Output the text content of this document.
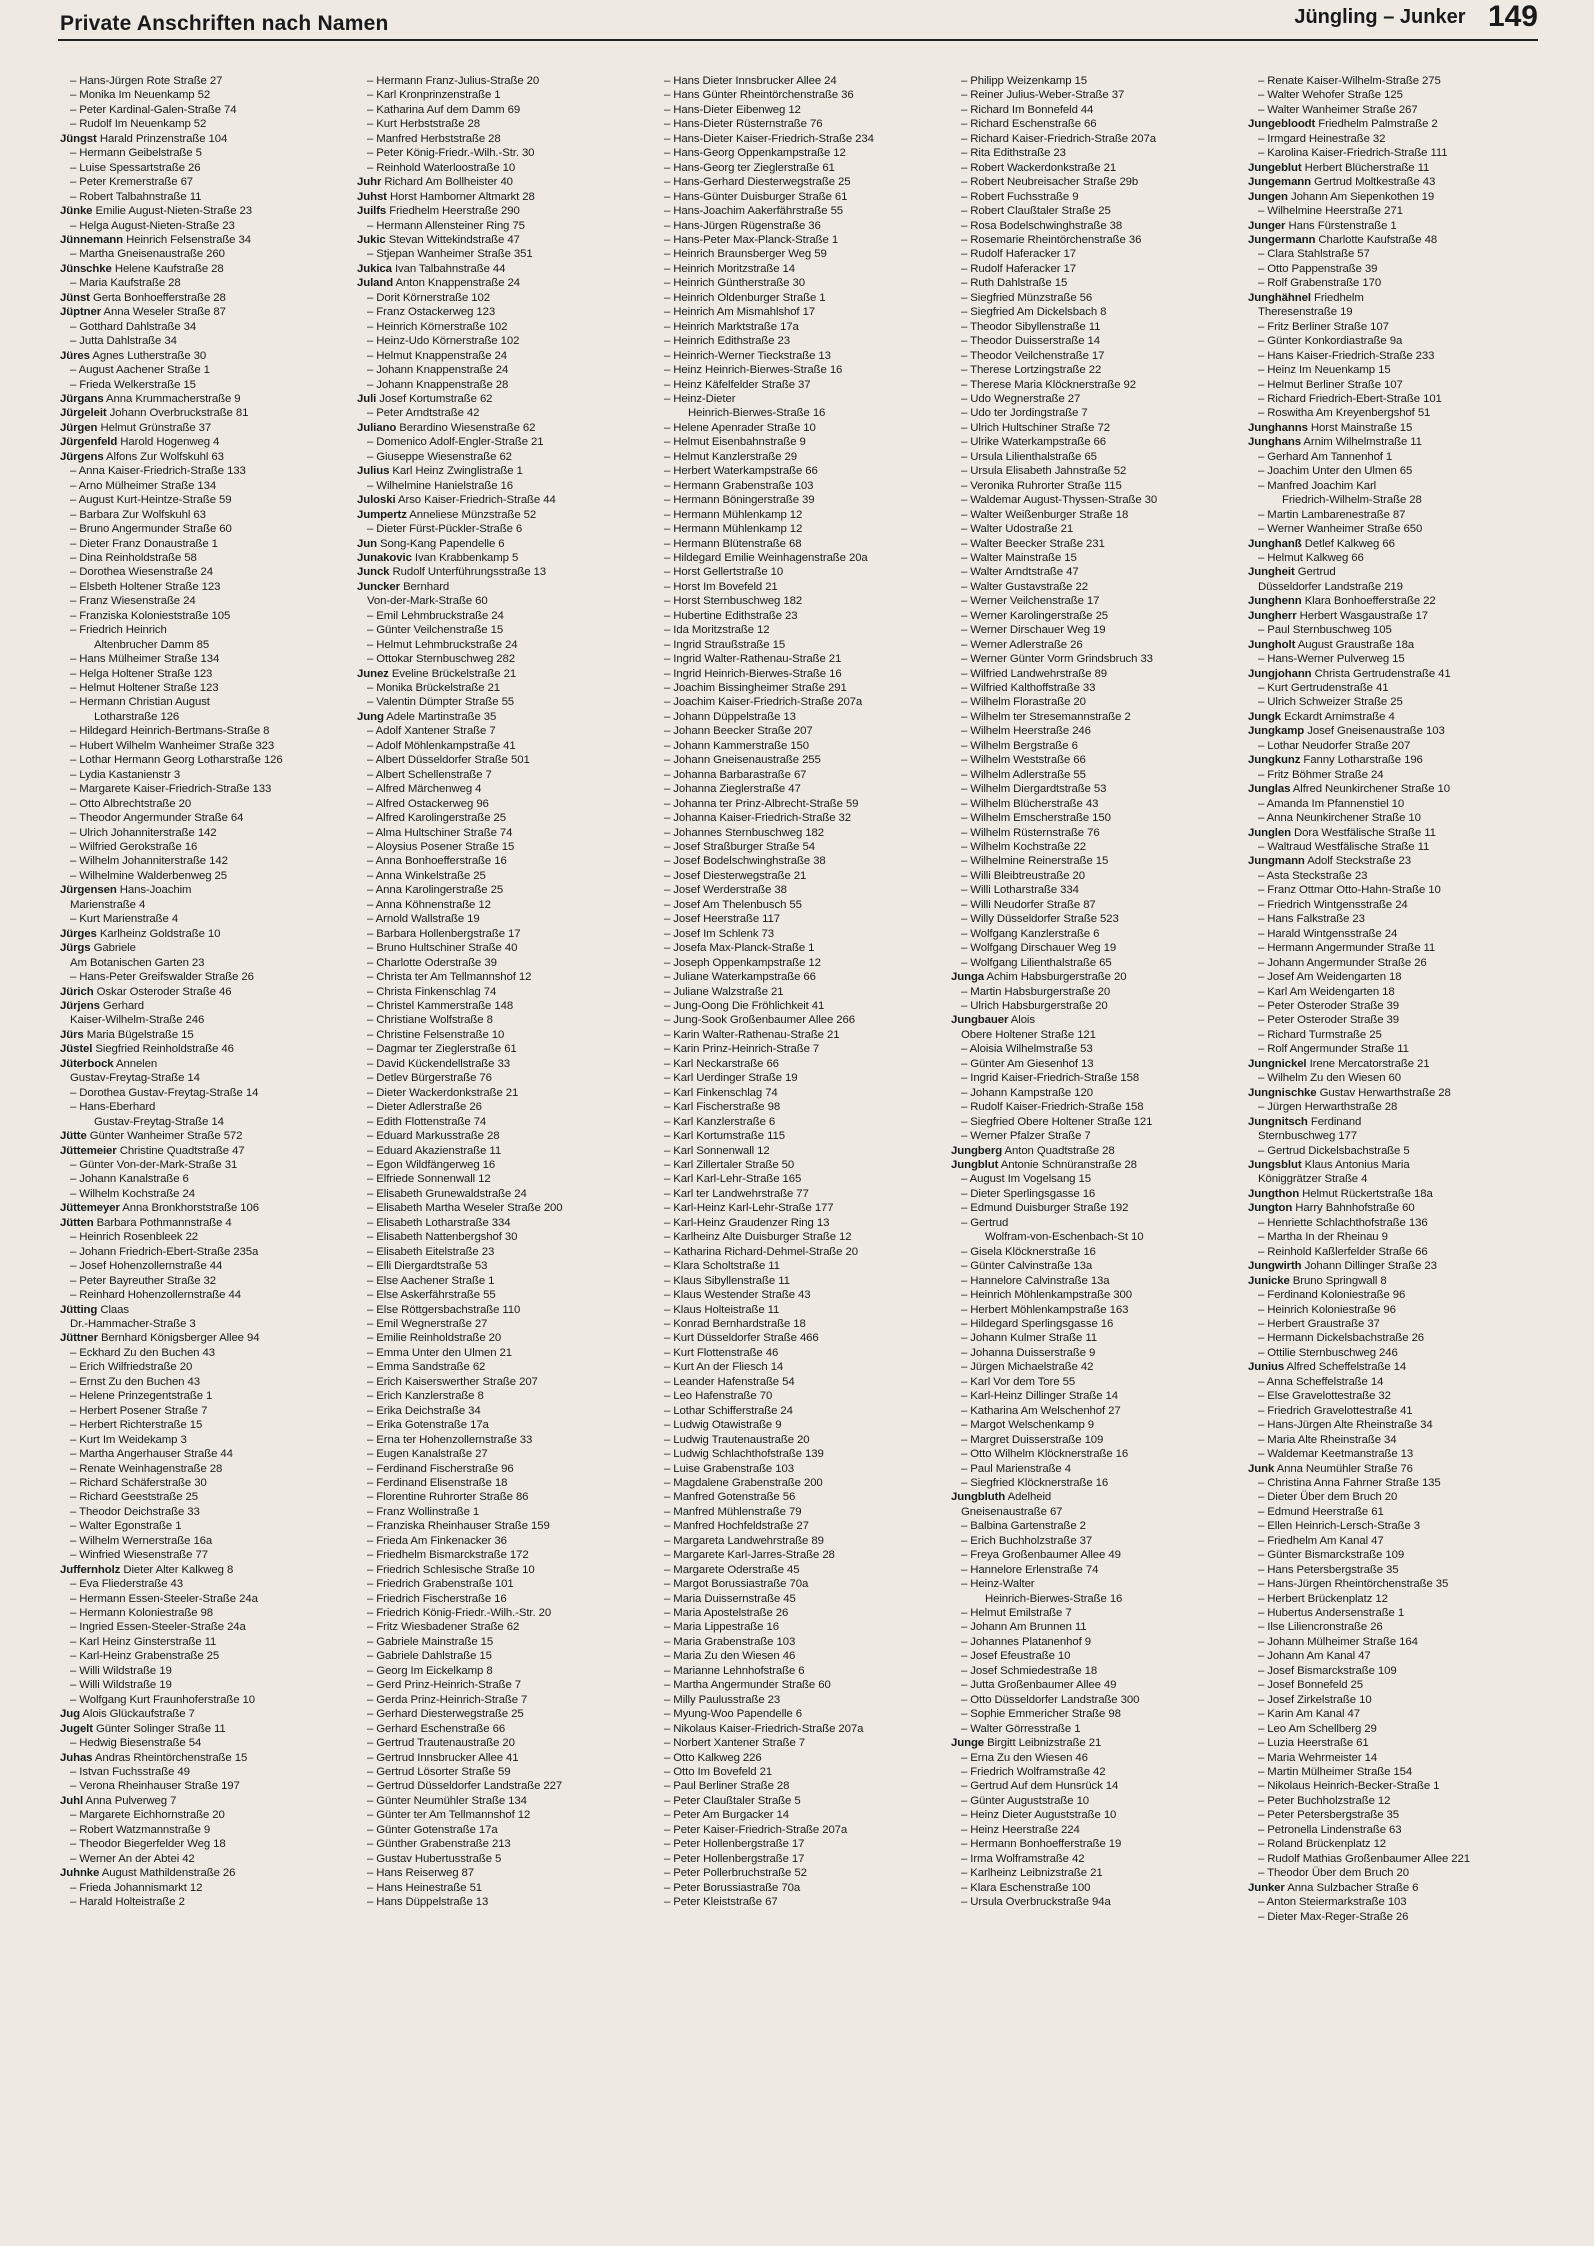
Private Anschriften nach Namen	Jüngling – Junker 149
– Hans-Jürgen Rote Straße 27
– Monika Im Neuenkamp 52
– Peter Kardinal-Galen-Straße 74
– Rudolf Im Neuenkamp 52
Jüngst Harald Prinzenstraße 104
– Hermann Geibelstraße 5
– Luise Spessartstraße 26
– Peter Kremerstraße 67
– Robert Talbahnstraße 11
Jünke Emilie August-Nieten-Straße 23
– Helga August-Nieten-Straße 23
Jünnemann Heinrich Felsenstraße 34
– Martha Gneisenaustraße 260
Jünschke Helene Kaufstraße 28
– Maria Kaufstraße 28
Jünst Gerta Bonhoefferstraße 28
Jüptner Anna Weseler Straße 87
– Gotthard Dahlstraße 34
– Jutta Dahlstraße 34
Jüres Agnes Lutherstraße 30
– August Aachener Straße 1
– Frieda Welkerstraße 15
Jürgans Anna Krummacherstraße 9
Jürgeleit Johann Overbruckstraße 81
Jürgen Helmut Grünstraße 37
Jürgenfeld Harold Hogenweg 4
Jürgens Alfons Zur Wolfskuhl 63
– Anna Kaiser-Friedrich-Straße 133
– Arno Mülheimer Straße 134
– August Kurt-Heintze-Straße 59
– Barbara Zur Wolfskuhl 63
– Bruno Angermunder Straße 60
– Dieter Franz Donaustraße 1
– Dina Reinholdstraße 58
– Dorothea Wiesenstraße 24
– Elsbeth Holtener Straße 123
– Franz Wiesenstraße 24
– Franziska Kolonieststraße 105
– Friedrich Heinrich
Altenbrucher Damm 85
– Hans Mülheimer Straße 134
– Helga Holtener Straße 123
– Helmut Holtener Straße 123
– Hermann Christian August
Lotharstraße 126
– Hildegard Heinrich-Bertmans-Straße 8
– Hubert Wilhelm Wanheimer Straße 323
– Lothar Hermann Georg Lotharstraße 126
– Lydia Kastanienstr 3
– Margarete Kaiser-Friedrich-Straße 133
– Otto Albrechtstraße 20
– Theodor Angermunder Straße 64
– Ulrich Johanniterstraße 142
– Wilfried Gerokstraße 16
– Wilhelm Johanniterstraße 142
– Wilhelmine Walderbenweg 25
Jürgensen Hans-Joachim
Marienstraße 4
– Kurt Marienstraße 4
Jürges Karlheinz Goldstraße 10
Jürgs Gabriele
Am Botanischen Garten 23
– Hans-Peter Greifswalder Straße 26
Jürich Oskar Osteroder Straße 46
Jürjens Gerhard
Kaiser-Wilhelm-Straße 246
Jürs Maria Bügelstraße 15
Jüstel Siegfried Reinholdstraße 46
Jüterbock Annelen
Gustav-Freytag-Straße 14
– Dorothea Gustav-Freytag-Straße 14
– Hans-Eberhard
Gustav-Freytag-Straße 14
Jütte Günter Wanheimer Straße 572
Jüttemeier Christine Quadtstraße 47
– Günter Von-der-Mark-Straße 31
– Johann Kanalstraße 6
– Wilhelm Kochstraße 24
Jüttemeyer Anna Bronkhorststraße 106
Jütten Barbara Pothmannstraße 4
– Heinrich Rosenbleek 22
– Johann Friedrich-Ebert-Straße 235a
– Josef Hohenzollernstraße 44
– Peter Bayreuther Straße 32
– Reinhard Hohenzollernstraße 44
Jütting Claas
Dr.-Hammacher-Straße 3
Jüttner Bernhard Königsberger Allee 94
– Eckhard Zu den Buchen 43
– Erich Wilfriedstraße 20
– Ernst Zu den Buchen 43
– Helene Prinzegentstraße 1
– Herbert Posener Straße 7
– Herbert Richterstraße 15
– Kurt Im Weidekamp 3
– Martha Angerhauser Straße 44
– Renate Weinhagenstraße 28
– Richard Schäferstraße 30
– Richard Geeststraße 25
– Theodor Deichstraße 33
– Walter Egonstraße 1
– Wilhelm Wernerstraße 16a
– Winfried Wiesenstraße 77
Juffernholz Dieter Alter Kalkweg 8
– Eva Fliederstraße 43
– Hermann Essen-Steeler-Straße 24a
– Hermann Koloniestraße 98
– Ingried Essen-Steeler-Straße 24a
– Karl Heinz Ginsterstraße 11
– Karl-Heinz Grabenstraße 25
– Willi Wildstraße 19
– Willi Wildstraße 19
– Wolfgang Kurt Fraunhoferstraße 10
Jug Alois Glückaufstraße 7
Jugelt Günter Solinger Straße 11
– Hedwig Biesenstraße 54
Juhas Andras Rheintörchenstraße 15
– Istvan Fuchsstraße 49
– Verona Rheinhauser Straße 197
Juhl Anna Pulverweg 7
– Margarete Eichhornstraße 20
– Robert Watzmannstraße 9
– Theodor Biegerfelder Weg 18
– Werner An der Abtei 42
Juhnke August Mathildenstraße 26
– Frieda Johannismarkt 12
– Harald Holteistraße 2
– Hermann Franz-Julius-Straße 20
– Karl Kronprinzenstraße 1
– Katharina Auf dem Damm 69
– Kurt Herbststraße 28
– Manfred Herbststraße 28
– Peter König-Friedr.-Wilh.-Str. 30
– Reinhold Waterloostraße 10
Juhr Richard Am Bollheister 40
Juhst Horst Hamborner Altmarkt 28
Juilfs Friedhelm Heerstraße 290
– Hermann Allensteiner Ring 75
Jukic Stevan Wittekindstraße 47
– Stjepan Wanheimer Straße 351
Jukica Ivan Talbahnstraße 44
Juland Anton Knappenstraße 24
– Dorit Körnerstraße 102
– Franz Ostackerweg 123
– Heinrich Körnerstraße 102
– Heinz-Udo Körnerstraße 102
– Helmut Knappenstraße 24
– Johann Knappenstraße 24
– Johann Knappenstraße 28
Juli Josef Kortumstraße 62
– Peter Arndtstraße 42
Juliano Berardino Wiesenstraße 62
– Domenico Adolf-Engler-Straße 21
– Giuseppe Wiesenstraße 62
Julius Karl Heinz Zwinglistraße 1
– Wilhelmine Hanielstraße 16
Juloski Arso Kaiser-Friedrich-Straße 44
Jumpertz Anneliese Münzstraße 52
– Dieter Fürst-Pückler-Straße 6
Jun Song-Kang Papendelle 6
Junakovic Ivan Krabbenkamp 5
Junck Rudolf Unterführungsstraße 13
Juncker Bernhard
Von-der-Mark-Straße 60
– Emil Lehmbruckstraße 24
– Günter Veilchenstraße 15
– Helmut Lehmbruckstraße 24
– Ottokar Sternbuschweg 282
Junez Eveline Brückelstraße 21
– Monika Brückelstraße 21
– Valentin Dümpter Straße 55
Jung Adele Martinstraße 35
– Adolf Xantener Straße 7
– Adolf Möhlenkampstraße 41
– Albert Düsseldorfer Straße 501
– Albert Schellenstraße 7
– Alfred Märchenweg 4
– Alfred Ostackerweg 96
– Alfred Karolingerstraße 25
– Alma Hultschiner Straße 74
– Aloysius Posener Straße 15
– Anna Bonhoefferstraße 16
– Anna Winkelstraße 25
– Anna Karolingerstraße 25
– Anna Köhnenstraße 12
– Arnold Wallstraße 19
– Barbara Hollenbergstraße 17
– Bruno Hultschiner Straße 40
– Charlotte Oderstraße 39
– Christa ter Am Tellmannshof 12
– Christa Finkenschlag 74
– Christel Kammerstraße 148
– Christiane Wolfstraße 8
– Christine Felsenstraße 10
– Dagmar ter Zieglerstraße 61
– David Kückendellstraße 33
– Detlev Bürgerstraße 76
– Dieter Wackerdonkstraße 21
– Dieter Adlerstraße 26
– Edith Flottenstraße 74
– Eduard Markusstraße 28
– Eduard Akazienstraße 11
– Egon Wildfängerweg 16
– Elfriede Sonnenwall 12
– Elisabeth Grunewaldstraße 24
– Elisabeth Martha Weseler Straße 200
– Elisabeth Lotharstraße 334
– Elisabeth Nattenbergshof 30
– Elisabeth Eitelstraße 23
– Elli Diergardtstraße 53
– Else Aachener Straße 1
– Else Askerfährstraße 55
– Else Röttgersbachstraße 110
– Emil Wegnerstraße 27
– Emilie Reinholdstraße 20
– Emma Unter den Ulmen 21
– Emma Sandstraße 62
– Erich Kaiserswerther Straße 207
– Erich Kanzlerstraße 8
– Erika Deichstraße 34
– Erika Gotenstraße 17a
– Erna ter Hohenzollernstraße 33
– Eugen Kanalstraße 27
– Ferdinand Fischerstraße 96
– Ferdinand Elisenstraße 18
– Florentine Ruhrorter Straße 86
– Franz Wollinstraße 1
– Franziska Rheinhauser Straße 159
– Frieda Am Finkenacker 36
– Friedhelm Bismarckstraße 172
– Friedrich Schlesische Straße 10
– Friedrich Grabenstraße 101
– Friedrich Fischerstraße 16
– Friedrich König-Friedr.-Wilh.-Str. 20
– Fritz Wiesbadener Straße 62
– Gabriele Mainstraße 15
– Gabriele Dahlstraße 15
– Georg Im Eickelkamp 8
– Gerd Prinz-Heinrich-Straße 7
– Gerda Prinz-Heinrich-Straße 7
– Gerhard Diesterwegstraße 25
– Gerhard Eschenstraße 66
– Gertrud Trautenaustraße 20
– Gertrud Innsbrucker Allee 41
– Gertrud Lösorter Straße 59
– Gertrud Düsseldorfer Landstraße 227
– Günter Neumühler Straße 134
– Günter ter Am Tellmannshof 12
– Günter Gotenstraße 17a
– Günther Grabenstraße 213
– Gustav Hubertusstraße 5
– Hans Reiserweg 87
– Hans Heinestraße 51
– Hans Düppelstraße 13
– Hans Dieter Innsbrucker Allee 24
– Hans Günter Rheintörchenstraße 36
– Hans-Dieter Eibenweg 12
– Hans-Dieter Rüsternstraße 76
– Hans-Dieter Kaiser-Friedrich-Straße 234
– Hans-Georg Oppenkampstraße 12
– Hans-Georg ter Zieglerstraße 61
– Hans-Gerhard Diesterwegstraße 25
– Hans-Günter Duisburger Straße 61
– Hans-Joachim Aakerfährstraße 55
– Hans-Jürgen Rügenstraße 36
– Hans-Peter Max-Planck-Straße 1
– Heinrich Braunsberger Weg 59
– Heinrich Moritzstraße 14
– Heinrich Güntherstraße 30
– Heinrich Oldenburger Straße 1
– Heinrich Am Mismahlshof 17
– Heinrich Marktstraße 17a
– Heinrich Edithstraße 23
– Heinrich-Werner Tieckstraße 13
– Heinz Heinrich-Bierwes-Straße 16
– Heinz Käfelfelder Straße 37
– Heinz-Dieter
Heinrich-Bierwes-Straße 16
– Helene Apenrader Straße 10
– Helmut Eisenbahnstraße 9
– Helmut Kanzlerstraße 29
– Herbert Waterkampstraße 66
– Hermann Grabenstraße 103
– Hermann Böningerstraße 39
– Hermann Mühlenkamp 12
– Hermann Mühlenkamp 12
– Hermann Blütenstraße 68
– Hildegard Emilie Weinhagenstraße 20a
– Horst Gellertstraße 10
– Horst Im Bovefeld 21
– Horst Sternbuschweg 182
– Hubertine Edithstraße 23
– Ida Moritzstraße 12
– Ingrid Straußstraße 15
– Ingrid Walter-Rathenau-Straße 21
– Ingrid Heinrich-Bierwes-Straße 16
– Joachim Bissingheimer Straße 291
– Joachim Kaiser-Friedrich-Straße 207a
– Johann Düppelstraße 13
– Johann Beecker Straße 207
– Johann Kammerstraße 150
– Johann Gneisenaustraße 255
– Johanna Barbarastraße 67
– Johanna Zieglerstraße 47
– Johanna ter Prinz-Albrecht-Straße 59
– Johanna Kaiser-Friedrich-Straße 32
– Johannes Sternbuschweg 182
– Josef Straßburger Straße 54
– Josef Bodelschwinghstraße 38
– Josef Diesterwegstraße 21
– Josef Werderstraße 38
– Josef Am Thelenbusch 55
– Josef Heerstraße 117
– Josef Im Schlenk 73
– Josefa Max-Planck-Straße 1
– Joseph Oppenkampstraße 12
– Juliane Waterkampstraße 66
– Juliane Walzstraße 21
– Jung-Oong Die Fröhlichkeit 41
– Jung-Sook Großenbaumer Allee 266
– Karin Walter-Rathenau-Straße 21
– Karin Prinz-Heinrich-Straße 7
– Karl Neckarstraße 66
– Karl Uerdinger Straße 19
– Karl Finkenschlag 74
– Karl Fischerstraße 98
– Karl Kanzlerstraße 6
– Karl Kortumstraße 115
– Karl Sonnenwall 12
– Karl Zillertaler Straße 50
– Karl Karl-Lehr-Straße 165
– Karl ter Landwehrstraße 77
– Karl-Heinz Karl-Lehr-Straße 177
– Karl-Heinz Graudenzer Ring 13
– Karlheinz Alte Duisburger Straße 12
– Katharina Richard-Dehmel-Straße 20
– Klara Scholtstraße 11
– Klaus Sibyllenstraße 11
– Klaus Westender Straße 43
– Klaus Holteistraße 11
– Konrad Bernhardstraße 18
– Kurt Düsseldorfer Straße 466
– Kurt Flottenstraße 46
– Kurt An der Fliesch 14
– Leander Hafenstraße 54
– Leo Hafenstraße 70
– Lothar Schifferstraße 24
– Ludwig Otawistraße 9
– Ludwig Trautenaustraße 20
– Ludwig Schlachthofstraße 139
– Luise Grabenstraße 103
– Magdalene Grabenstraße 200
– Manfred Gotenstraße 56
– Manfred Mühlenstraße 79
– Manfred Hochfeldstraße 27
– Margareta Landwehrstraße 89
– Margarete Karl-Jarres-Straße 28
– Margarete Oderstraße 45
– Margot Borussiastraße 70a
– Maria Duissernstraße 45
– Maria Apostelstraße 26
– Maria Lippestraße 16
– Maria Grabenstraße 103
– Maria Zu den Wiesen 46
– Marianne Lehnhofstraße 6
– Martha Angermunder Straße 60
– Milly Paulusstraße 23
– Myung-Woo Papendelle 6
– Nikolaus Kaiser-Friedrich-Straße 207a
– Norbert Xantener Straße 7
– Otto Kalkweg 226
– Otto Im Bovefeld 21
– Paul Berliner Straße 28
– Peter Claußtaler Straße 5
– Peter Am Burgacker 14
– Peter Kaiser-Friedrich-Straße 207a
– Peter Hollenbergstraße 17
– Peter Hollenbergstraße 17
– Peter Pollerbruchstraße 52
– Peter Borussiastraße 70a
– Peter Kleiststraße 67
– Philipp Weizenkamp 15
– Reiner Julius-Weber-Straße 37
– Richard Im Bonnefeld 44
– Richard Eschenstraße 66
– Richard Kaiser-Friedrich-Straße 207a
– Rita Edithstraße 23
– Robert Wackerdonkstraße 21
– Robert Neubreisacher Straße 29b
– Robert Fuchsstraße 9
– Robert Claußtaler Straße 25
– Rosa Bodelschwinghstraße 38
– Rosemarie Rheintörchenstraße 36
– Rudolf Haferacker 17
– Rudolf Haferacker 17
– Ruth Dahlstraße 15
– Siegfried Münzstraße 56
– Siegfried Am Dickelsbach 8
– Theodor Sibyllenstraße 11
– Theodor Duisserstraße 14
– Theodor Veilchenstraße 17
– Therese Lortzingstraße 22
– Therese Maria Klöcknerstraße 92
– Udo Wegnerstraße 27
– Udo ter Jordingstraße 7
– Ulrich Hultschiner Straße 72
– Ulrike Waterkampstraße 66
– Ursula Lilienthalstraße 65
– Ursula Elisabeth Jahnstraße 52
– Veronika Ruhrorter Straße 115
– Waldemar August-Thyssen-Straße 30
– Walter Weißenburger Straße 18
– Walter Udostraße 21
– Walter Beecker Straße 231
– Walter Mainstraße 15
– Walter Arndtstraße 47
– Walter Gustavstraße 22
– Werner Veilchenstraße 17
– Werner Karolingerstraße 25
– Werner Dirschauer Weg 19
– Werner Adlerstraße 26
– Werner Günter Vorm Grindsbruch 33
– Wilfried Landwehrstraße 89
– Wilfried Kalthoffstraße 33
– Wilhelm Florastraße 20
– Wilhelm ter Stresemannstraße 2
– Wilhelm Heerstraße 246
– Wilhelm Bergstraße 6
– Wilhelm Weststraße 66
– Wilhelm Adlerstraße 55
– Wilhelm Diergardtstraße 53
– Wilhelm Blücherstraße 43
– Wilhelm Emscherstraße 150
– Wilhelm Rüsternstraße 76
– Wilhelm Kochstraße 22
– Wilhelmine Reinerstraße 15
– Willi Bleibtreustraße 20
– Willi Lotharstraße 334
– Willi Neudorfer Straße 87
– Willy Düsseldorfer Straße 523
– Wolfgang Kanzlerstraße 6
– Wolfgang Dirschauer Weg 19
– Wolfgang Lilienthalstraße 65
Junga Achim Habsburgerstraße 20
– Martin Habsburgerstraße 20
– Ulrich Habsburgerstraße 20
Jungbauer Alois
Obere Holtener Straße 121
– Aloisia Wilhelmstraße 53
– Günter Am Giesenhof 13
– Ingrid Kaiser-Friedrich-Straße 158
– Johann Kampstraße 120
– Rudolf Kaiser-Friedrich-Straße 158
– Siegfried Obere Holtener Straße 121
– Werner Pfalzer Straße 7
Jungberg Anton Quadtstraße 28
Jungblut Antonie Schnüranstraße 28
– August Im Vogelsang 15
– Dieter Sperlingsgasse 16
– Edmund Duisburger Straße 192
– Gertrud
Wolfram-von-Eschenbach-St 10
– Gisela Klöcknerstraße 16
– Günter Calvinstraße 13a
– Hannelore Calvinstraße 13a
– Heinrich Möhlenkampstraße 300
– Herbert Möhlenkampstraße 163
– Hildegard Sperlingsgasse 16
– Johann Kulmer Straße 11
– Johanna Duisserstraße 9
– Jürgen Michaelstraße 42
– Karl Vor dem Tore 55
– Karl-Heinz Dillinger Straße 14
– Katharina Am Welschenhof 27
– Margot Welschenkamp 9
– Margret Duisserstraße 109
– Otto Wilhelm Klöcknerstraße 16
– Paul Marienstraße 4
– Siegfried Klöcknerstraße 16
Jungbluth Adelheid
Gneisenaustraße 67
– Balbina Gartenstraße 2
– Erich Buchholzstraße 37
– Freya Großenbaumer Allee 49
– Hannelore Erlenstraße 74
– Heinz-Walter
Heinrich-Bierwes-Straße 16
– Helmut Emilstraße 7
– Johann Am Brunnen 11
– Johannes Platanenhof 9
– Josef Efeustraße 10
– Josef Schmiedestraße 18
– Jutta Großenbaumer Allee 49
– Otto Düsseldorfer Landstraße 300
– Sophie Emmericher Straße 98
– Walter Görresstraße 1
Junge Birgitt Leibnizstraße 21
– Erna Zu den Wiesen 46
– Friedrich Wolframstraße 42
– Gertrud Auf dem Hunsrück 14
– Günter Auguststraße 10
– Heinz Dieter Auguststraße 10
– Heinz Heerstraße 224
– Hermann Bonhoefferstraße 19
– Irma Wolframstraße 42
– Karlheinz Leibnizstraße 21
– Klara Eschenstraße 100
– Ursula Overbruckstraße 94a
– Renate Kaiser-Wilhelm-Straße 275
– Walter Wehofer Straße 125
– Walter Wanheimer Straße 267
Jungebloodt Friedhelm Palmstraße 2
– Irmgard Heinestraße 32
– Karolina Kaiser-Friedrich-Straße 111
Jungeblut Herbert Blücherstraße 11
Jungemann Gertrud Moltkestraße 43
Jungen Johann Am Siepenkothen 19
– Wilhelmine Heerstraße 271
Junger Hans Fürstenstraße 1
Jungermann Charlotte Kaufstraße 48
– Clara Stahlstraße 57
– Otto Pappenstraße 39
– Rolf Grabenstraße 170
Junghähnel Friedhelm
Theresenstraße 19
– Fritz Berliner Straße 107
– Günter Konkordiastraße 9a
– Hans Kaiser-Friedrich-Straße 233
– Heinz Im Neuenkamp 15
– Helmut Berliner Straße 107
– Richard Friedrich-Ebert-Straße 101
– Roswitha Am Kreyenbergshof 51
Junghanns Horst Mainstraße 15
Junghans Arnim Wilhelmstraße 11
– Gerhard Am Tannenhof 1
– Joachim Unter den Ulmen 65
– Manfred Joachim Karl
Friedrich-Wilhelm-Straße 28
– Martin Lambarenestraße 87
– Werner Wanheimer Straße 650
Junghanß Detlef Kalkweg 66
– Helmut Kalkweg 66
Jungheit Gertrud
Düsseldorfer Landstraße 219
Junghenn Klara Bonhoefferstraße 22
Jungherr Herbert Wasgaustraße 17
– Paul Sternbuschweg 105
Jungholt August Graustraße 18a
– Hans-Werner Pulverweg 15
Jungjohann Christa Gertrudenstraße 41
– Kurt Gertrudenstraße 41
– Ulrich Schweizer Straße 25
Jungk Eckardt Arnimstraße 4
Jungkamp Josef Gneisenaustraße 103
– Lothar Neudorfer Straße 207
Jungkunz Fanny Lotharstraße 196
– Fritz Böhmer Straße 24
Junglas Alfred Neunkirchener Straße 10
– Amanda Im Pfannenstiel 10
– Anna Neunkirchener Straße 10
Junglen Dora Westfälische Straße 11
– Waltraud Westfälische Straße 11
Jungmann Adolf Steckstraße 23
– Asta Steckstraße 23
– Franz Ottmar Otto-Hahn-Straße 10
– Friedrich Wintgensstraße 24
– Hans Falkstraße 23
– Harald Wintgensstraße 24
– Hermann Angermunder Straße 11
– Johann Angermunder Straße 26
– Josef Am Weidengarten 18
– Karl Am Weidengarten 18
– Peter Osteroder Straße 39
– Peter Osteroder Straße 39
– Richard Turmstraße 25
– Rolf Angermunder Straße 11
Jungnickel Irene Mercatorstraße 21
– Wilhelm Zu den Wiesen 60
Jungnischke Gustav Herwarthstraße 28
– Jürgen Herwarthstraße 28
Jungnitsch Ferdinand
Sternbuschweg 177
– Gertrud Dickelsbachstraße 5
Jungsblut Klaus Antonius Maria
Königgrätzer Straße 4
Jungthon Helmut Rückertstraße 18a
Jungton Harry Bahnhofstraße 60
– Henriette Schlachthofstraße 136
– Martha In der Rheinau 9
– Reinhold Kaßlerfelder Straße 66
Jungwirth Johann Dillinger Straße 23
Junicke Bruno Springwall 8
– Ferdinand Koloniestraße 96
– Heinrich Koloniestraße 96
– Herbert Graustraße 37
– Hermann Dickelsbachstraße 26
– Ottilie Sternbuschweg 246
Junius Alfred Scheffelstraße 14
– Anna Scheffelstraße 14
– Else Gravelottestraße 32
– Friedrich Gravelottestraße 41
– Hans-Jürgen Alte Rheinstraße 34
– Maria Alte Rheinstraße 34
– Waldemar Keetmanstraße 13
Junk Anna Neumühler Straße 76
– Christina Anna Fahrner Straße 135
– Dieter Über dem Bruch 20
– Edmund Heerstraße 61
– Ellen Heinrich-Lersch-Straße 3
– Friedhelm Am Kanal 47
– Günter Bismarckstraße 109
– Hans Petersbergstraße 35
– Hans-Jürgen Rheintörchenstraße 35
– Herbert Brückenplatz 12
– Hubertus Andersenstraße 1
– Ilse Liliencronstraße 26
– Johann Mülheimer Straße 164
– Johann Am Kanal 47
– Josef Bismarckstraße 109
– Josef Bonnefeld 25
– Josef Zirkelstraße 10
– Karin Am Kanal 47
– Leo Am Schellberg 29
– Luzia Heerstraße 61
– Maria Wehrmeister 14
– Martin Mülheimer Straße 154
– Nikolaus Heinrich-Becker-Straße 1
– Peter Buchholzstraße 12
– Peter Petersbergstraße 35
– Petronella Lindenstraße 63
– Roland Brückenplatz 12
– Rudolf Mathias Großenbaumer Allee 221
– Theodor Über dem Bruch 20
Junker Anna Sulzbacher Straße 6
– Anton Steiermarkstraße 103
– Dieter Max-Reger-Straße 26
